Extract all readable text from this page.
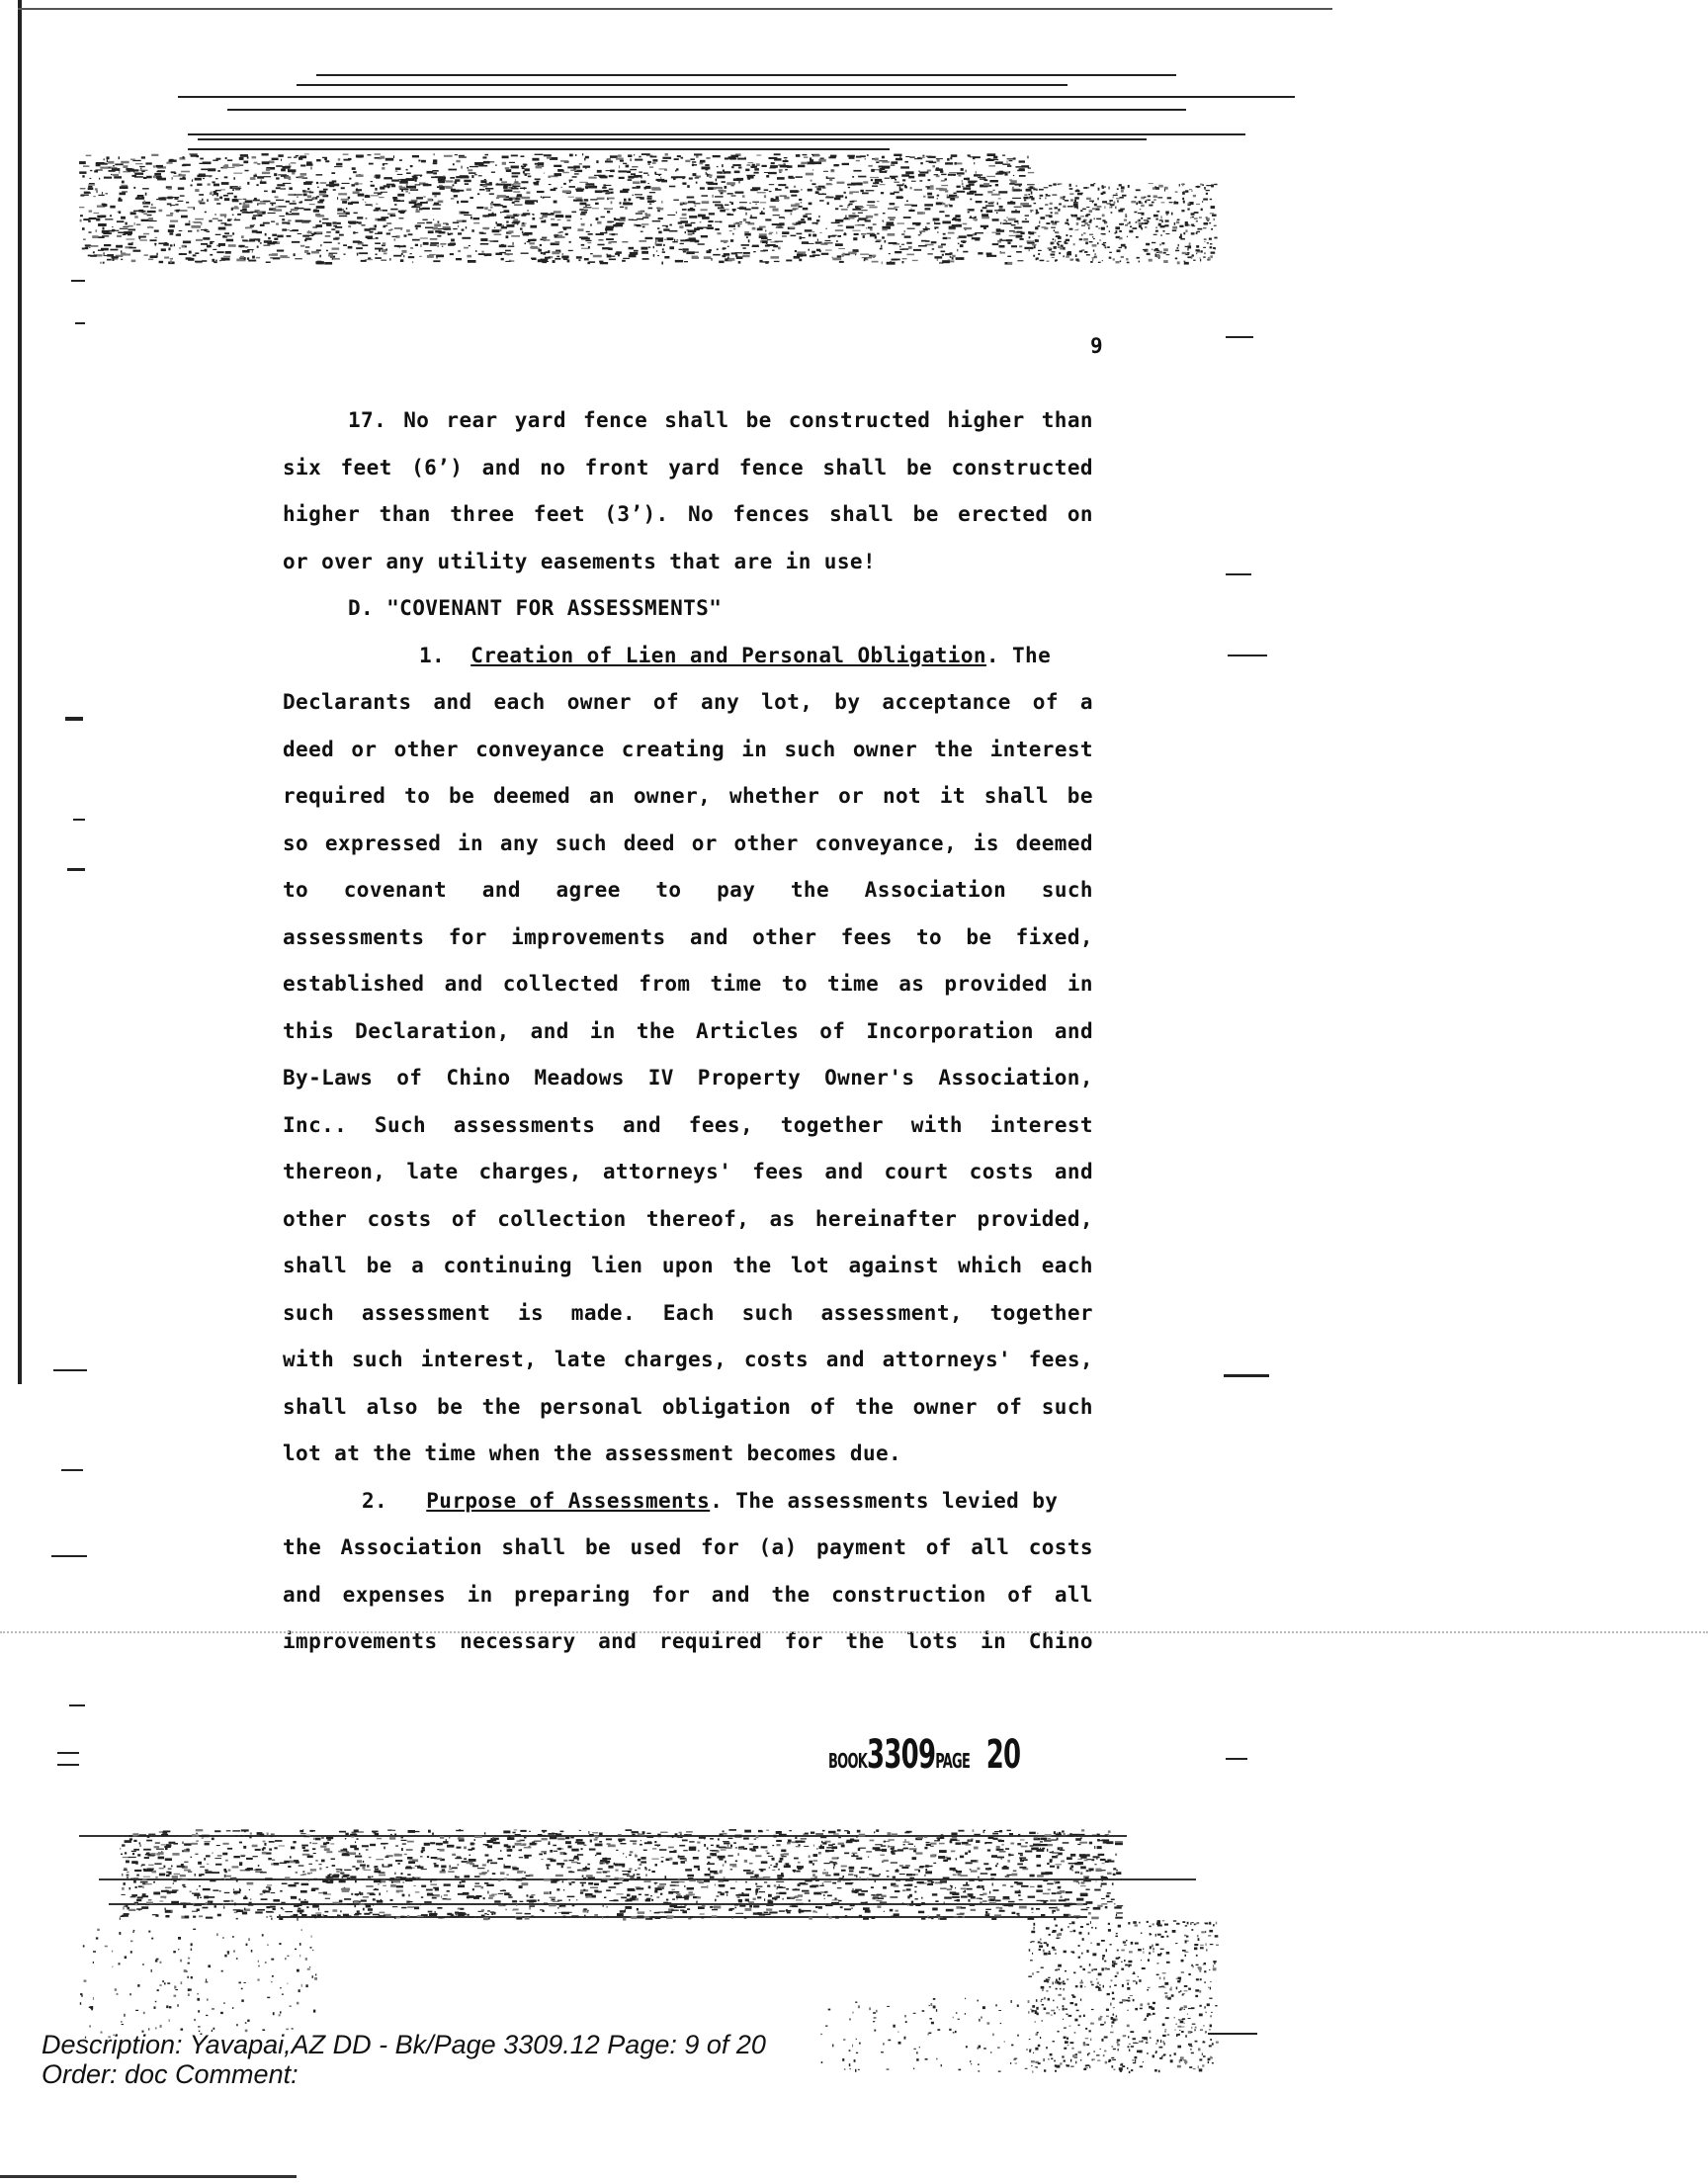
9
17. No rear yard fence shall be constructed higher than
six feet (6’) and no front yard fence shall be constructed
higher than three feet (3’). No fences shall be erected on
or over any utility easements that are in use!
D. "COVENANT FOR ASSESSMENTS"
1.
Creation of Lien and Personal Obligation . The
Declarants and each owner of any lot, by acceptance of a
deed or other conveyance creating in such owner the interest
required to be deemed an owner, whether or not it shall be
so expressed in any such deed or other conveyance, is deemed
to covenant and agree to pay the Association such
assessments for improvements and other fees to be fixed,
established and collected from time to time as provided in
this Declaration, and in the Articles of Incorporation and
By-Laws of Chino Meadows IV Property Owner's Association,
Inc.. Such assessments and fees, together with interest
thereon, late charges, attorneys' fees and court costs and
other costs of collection thereof, as hereinafter provided,
shall be a continuing lien upon the lot against which each
such assessment is made. Each such assessment, together
with such interest, late charges, costs and attorneys' fees,
shall also be the personal obligation of the owner of such
lot at the time when the assessment becomes due.
2.
Purpose of Assessments . The assessments levied by
the Association shall be used for (a) payment of all costs
and expenses in preparing for and the construction of all
improvements necessary and required for the lots in Chino
BOOK3309PAGE 20
Description: Yavapai,AZ DD - Bk/Page 3309.12 Page: 9 of 20
Order: doc Comment:
